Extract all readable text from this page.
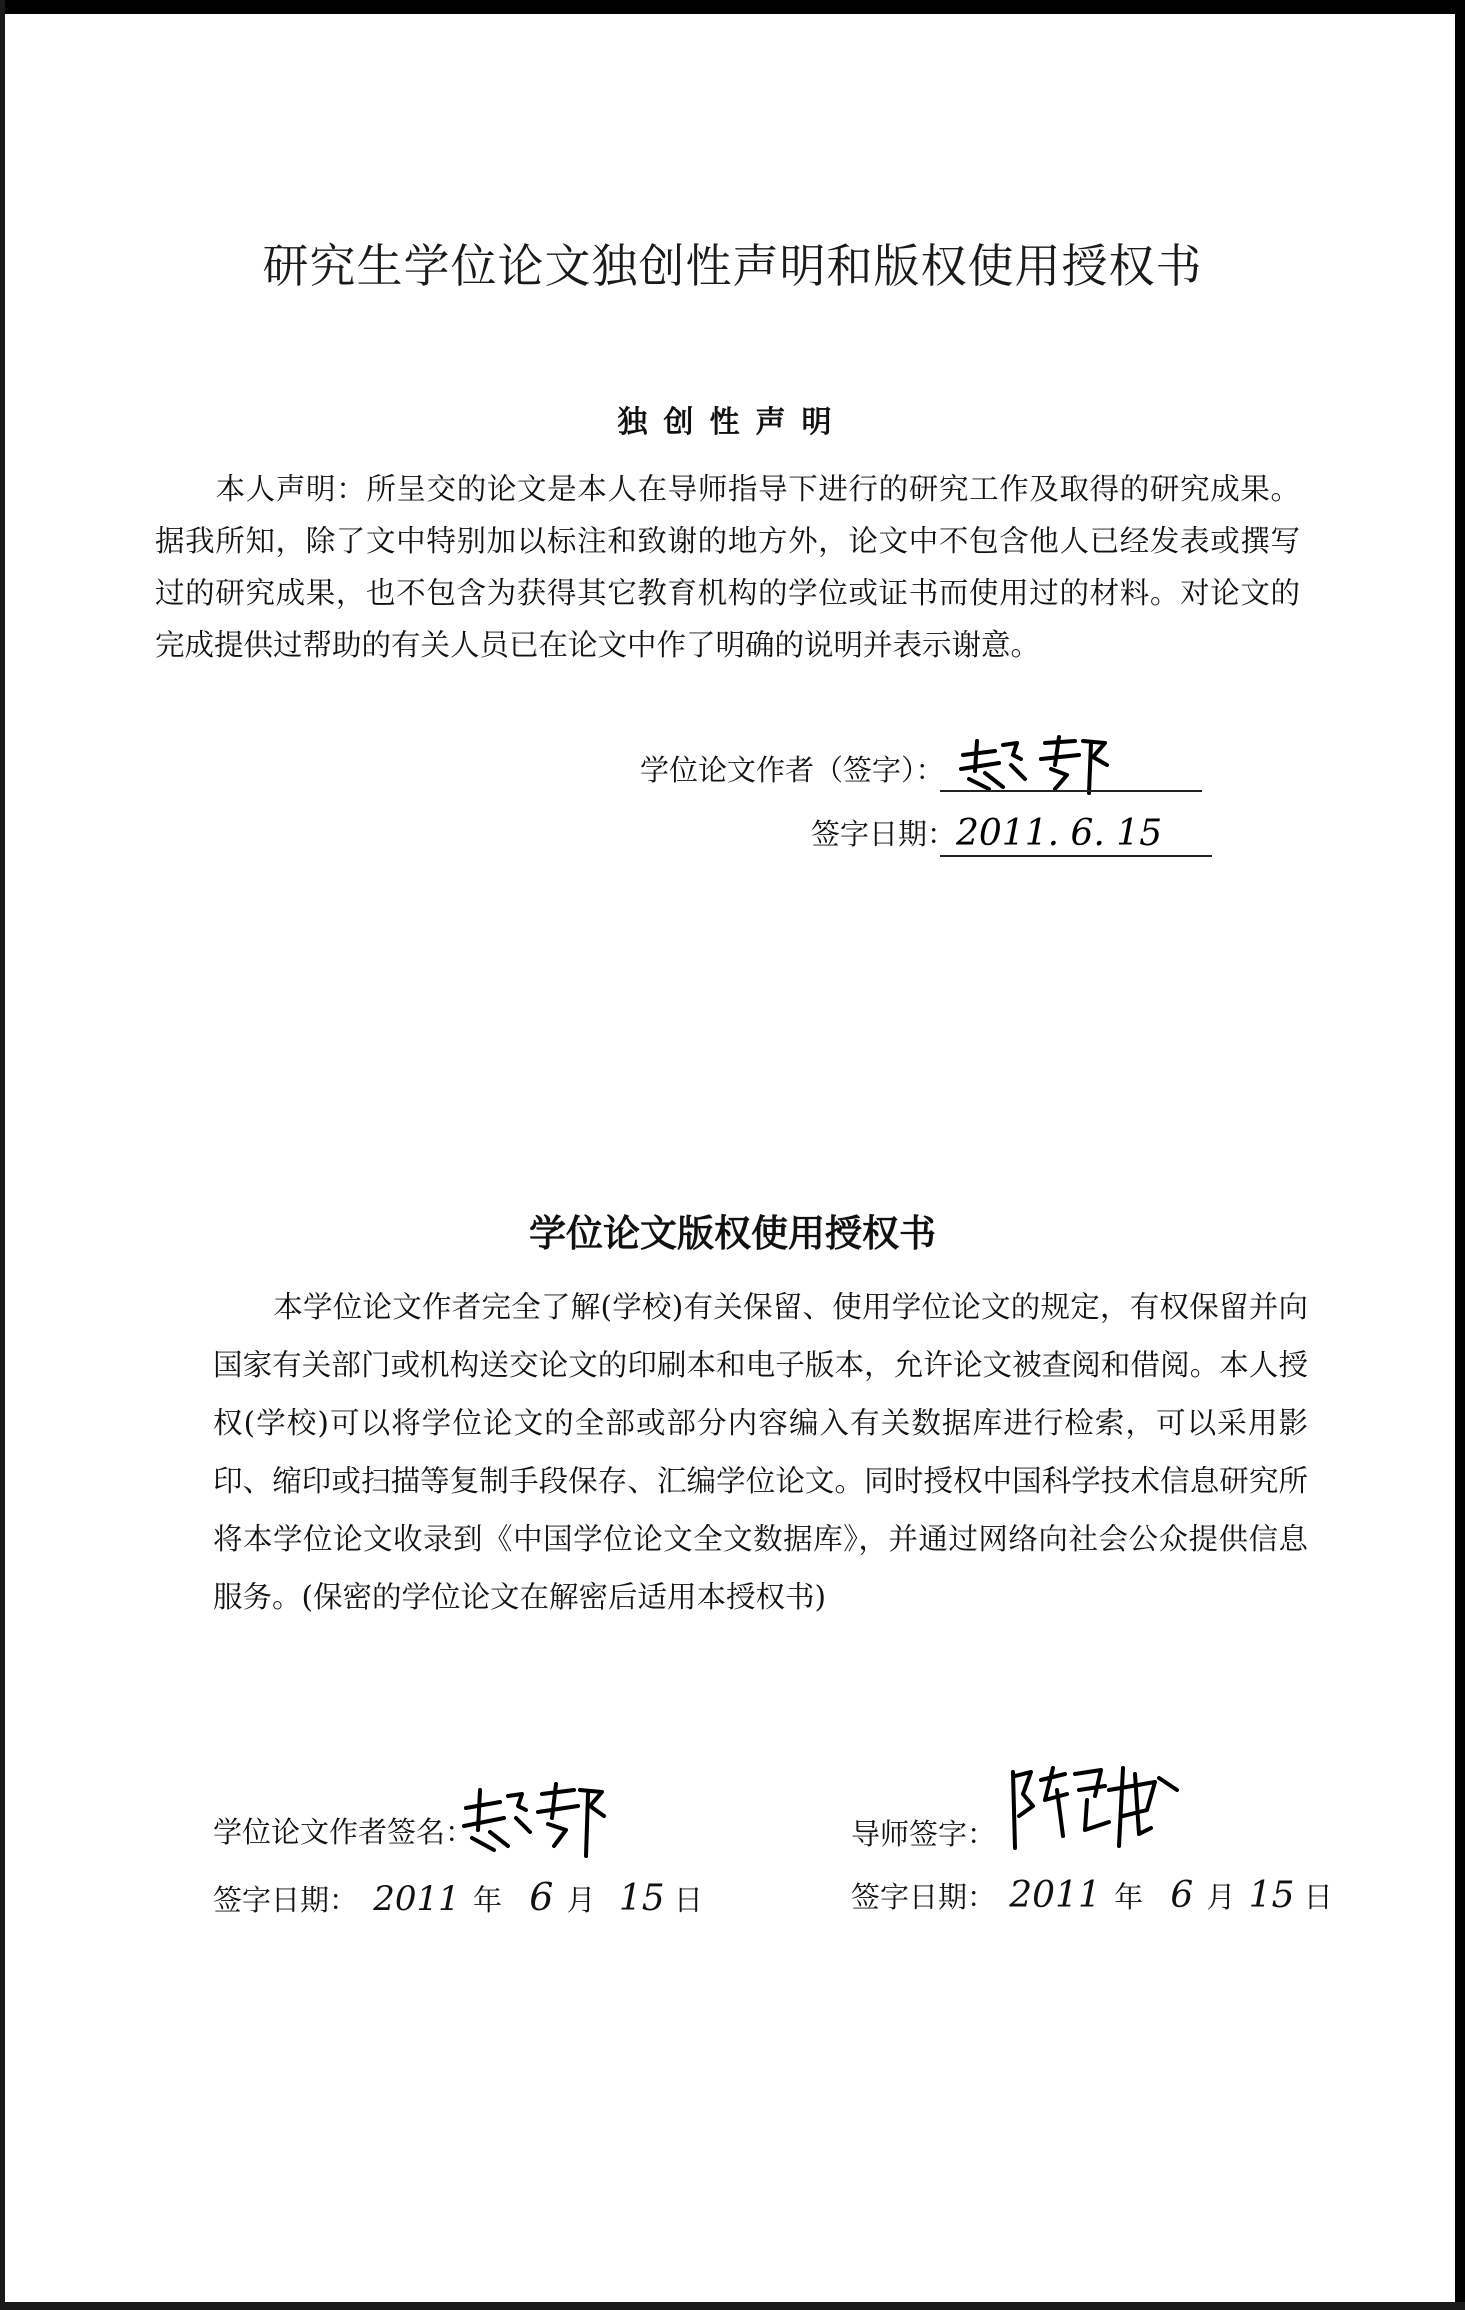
研究生学位论文独创性声明和版权使用授权书
独创性声明
本人声明：所呈交的论文是本人在导师指导下进行的研究工作及取得的研究成果。据我所知，除了文中特别加以标注和致谢的地方外，论文中不包含他人已经发表或撰写过的研究成果，也不包含为获得其它教育机构的学位或证书而使用过的材料。对论文的完成提供过帮助的有关人员已在论文中作了明确的说明并表示谢意。
学位论文作者（签字）：
签字日期： 2011. 6. 15
学位论文版权使用授权书
本学位论文作者完全了解(学校)有关保留、使用学位论文的规定，有权保留并向国家有关部门或机构送交论文的印刷本和电子版本，允许论文被查阅和借阅。本人授权(学校)可以将学位论文的全部或部分内容编入有关数据库进行检索，可以采用影印、缩印或扫描等复制手段保存、汇编学位论文。同时授权中国科学技术信息研究所将本学位论文收录到《中国学位论文全文数据库》，并通过网络向社会公众提供信息服务。(保密的学位论文在解密后适用本授权书)
学位论文作者签名：
签字日期： 2011 年 6 月 15 日
导师签字：
签字日期： 2011 年 6 月 15 日
